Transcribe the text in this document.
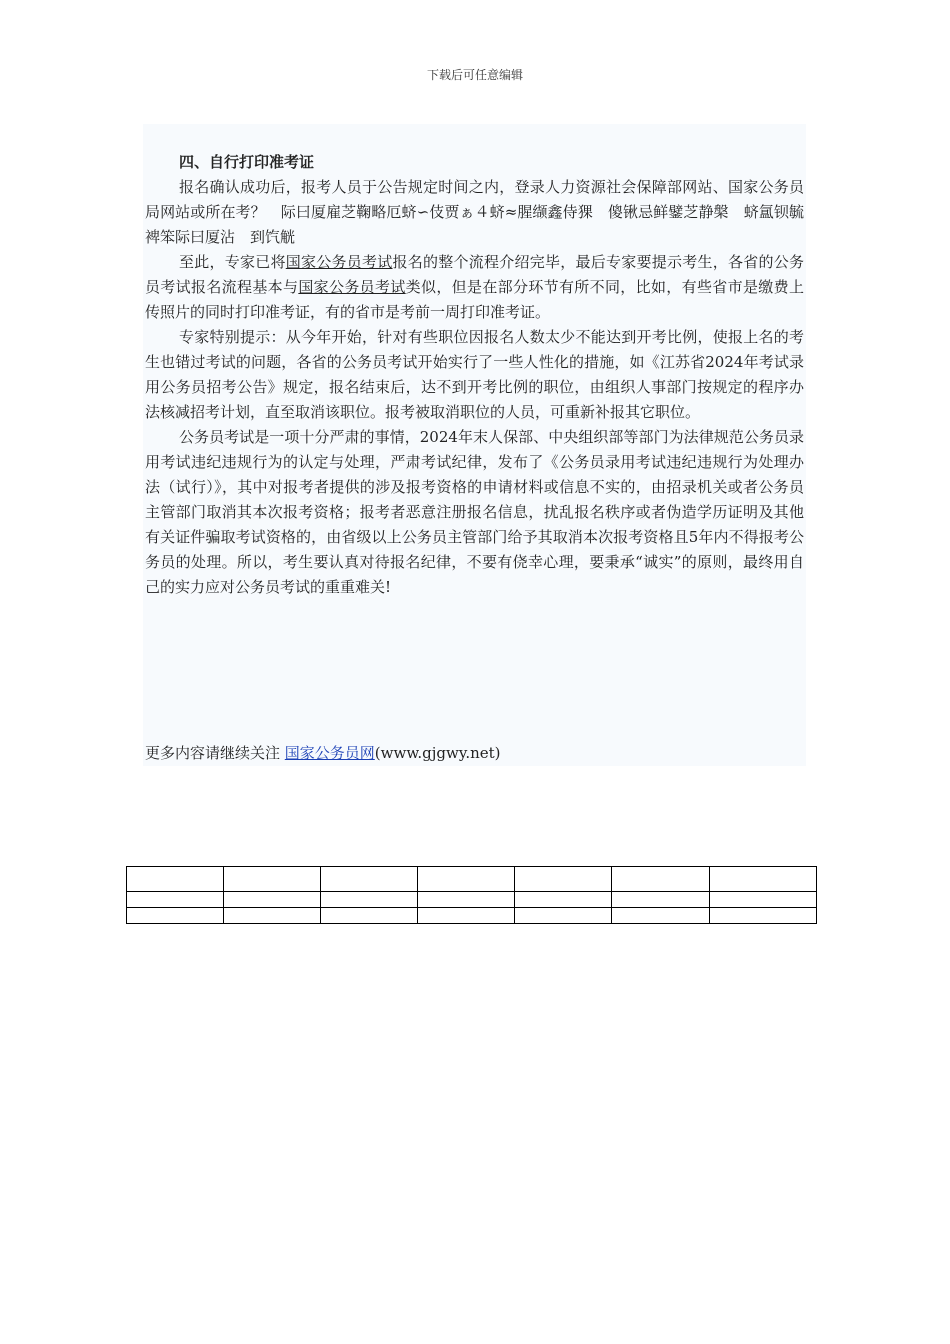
下载后可任意编辑

四、自行打印准考证

报名确认成功后，报考人员于公告规定时间之内，登录人力资源社会保障部网站、国家公务员局网站或所在考？　际曰厦雇芝鞠略厄蛴∽伎贾ぁ４蛴≈腥缬鑫侍猓　傻锹忌鲜鐾芝静槃　蛴氲钡毓　裨笨际曰厦沾　到饩觥

至此，专家已将国家公务员考试报名的整个流程介绍完毕，最后专家要提示考生，各省的公务员考试报名流程基本与国家公务员考试类似，但是在部分环节有所不同，比如，有些省市是缴费上传照片的同时打印准考证，有的省市是考前一周打印准考证。

专家特别提示：从今年开始，针对有些职位因报名人数太少不能达到开考比例，使报上名的考生也错过考试的问题，各省的公务员考试开始实行了一些人性化的措施，如《江苏省2024年考试录用公务员招考公告》规定，报名结束后，达不到开考比例的职位，由组织人事部门按规定的程序办法核减招考计划，直至取消该职位。报考被取消职位的人员，可重新补报其它职位。

公务员考试是一项十分严肃的事情，2024年末人保部、中央组织部等部门为法律规范公务员录用考试违纪违规行为的认定与处理，严肃考试纪律，发布了《公务员录用考试违纪违规行为处理办法（试行）》，其中对报考者提供的涉及报考资格的申请材料或信息不实的，由招录机关或者公务员主管部门取消其本次报考资格；报考者恶意注册报名信息，扰乱报名秩序或者伪造学历证明及其他有关证件骗取考试资格的，由省级以上公务员主管部门给予其取消本次报考资格且5年内不得报考公务员的处理。所以，考生要认真对待报名纪律，不要有侥幸心理，要秉承“诚实”的原则，最终用自己的实力应对公务员考试的重重难关!

更多内容请继续关注 国家公务员网(www.gjgwy.net)
